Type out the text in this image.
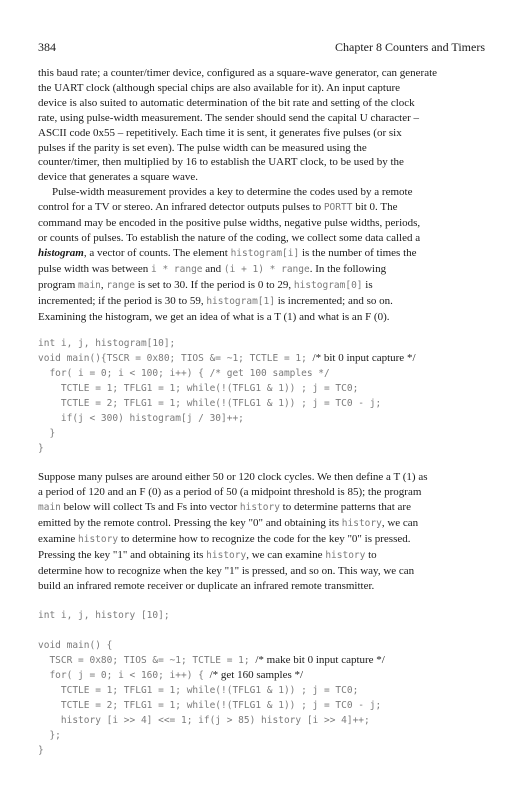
384	Chapter 8 Counters and Timers
this baud rate; a counter/timer device, configured as a square-wave generator, can generate
the UART clock (although special chips are also available for it). An input capture
device is also suited to automatic determination of the bit rate and setting of the clock
rate, using pulse-width measurement. The sender should send the capital U character –
ASCII code 0x55 – repetitively. Each time it is sent, it generates five pulses (or six
pulses if the parity is set even). The pulse width can be measured using the
counter/timer, then multiplied by 16 to establish the UART clock, to be used by the
device that generates a square wave.
Pulse-width measurement provides a key to determine the codes used by a remote
control for a TV or stereo. An infrared detector outputs pulses to PORTT bit 0. The
command may be encoded in the positive pulse widths, negative pulse widths, periods,
or counts of pulses. To establish the nature of the coding, we collect some data called a
histogram, a vector of counts. The element histogram[i] is the number of times the
pulse width was between i * range and (i + 1) * range. In the following
program main, range is set to 30. If the period is 0 to 29, histogram[0] is
incremented; if the period is 30 to 59, histogram[1] is incremented; and so on.
Examining the histogram, we get an idea of what is a T (1) and what is an F (0).
int i, j, histogram[10];
void main(){TSCR = 0x80; TIOS &= ~1; TCTLE = 1; /* bit 0 input capture */
for( i = 0; i < 100; i++) { /* get 100 samples */
TCTLE = 1; TFLG1 = 1; while(!(TFLG1 & 1)) ; j = TC0;
TCTLE = 2; TFLG1 = 1; while(!(TFLG1 & 1)) ; j = TC0 - j;
if(j < 300) histogram[j / 30]++;
}
}
Suppose many pulses are around either 50 or 120 clock cycles. We then define a T (1) as
a period of 120 and an F (0) as a period of 50 (a midpoint threshold is 85); the program
main below will collect Ts and Fs into vector history to determine patterns that are
emitted by the remote control. Pressing the key "0" and obtaining its history, we can
examine history to determine how to recognize the code for the key "0" is pressed.
Pressing the key "1" and obtaining its history, we can examine history to
determine how to recognize when the key "1" is pressed, and so on. This way, we can
build an infrared remote receiver or duplicate an infrared remote transmitter.
int i, j, history [10];

void main() {
TSCR = 0x80; TIOS &= ~1; TCTLE = 1; /* make bit 0 input capture */
for( j = 0; i < 160; i++) { /* get 160 samples */
TCTLE = 1; TFLG1 = 1; while(!(TFLG1 & 1)) ; j = TC0;
TCTLE = 2; TFLG1 = 1; while(!(TFLG1 & 1)) ; j = TC0 - j;
history [i >> 4] <<= 1; if(j > 85) history [i >> 4]++;
};
}
